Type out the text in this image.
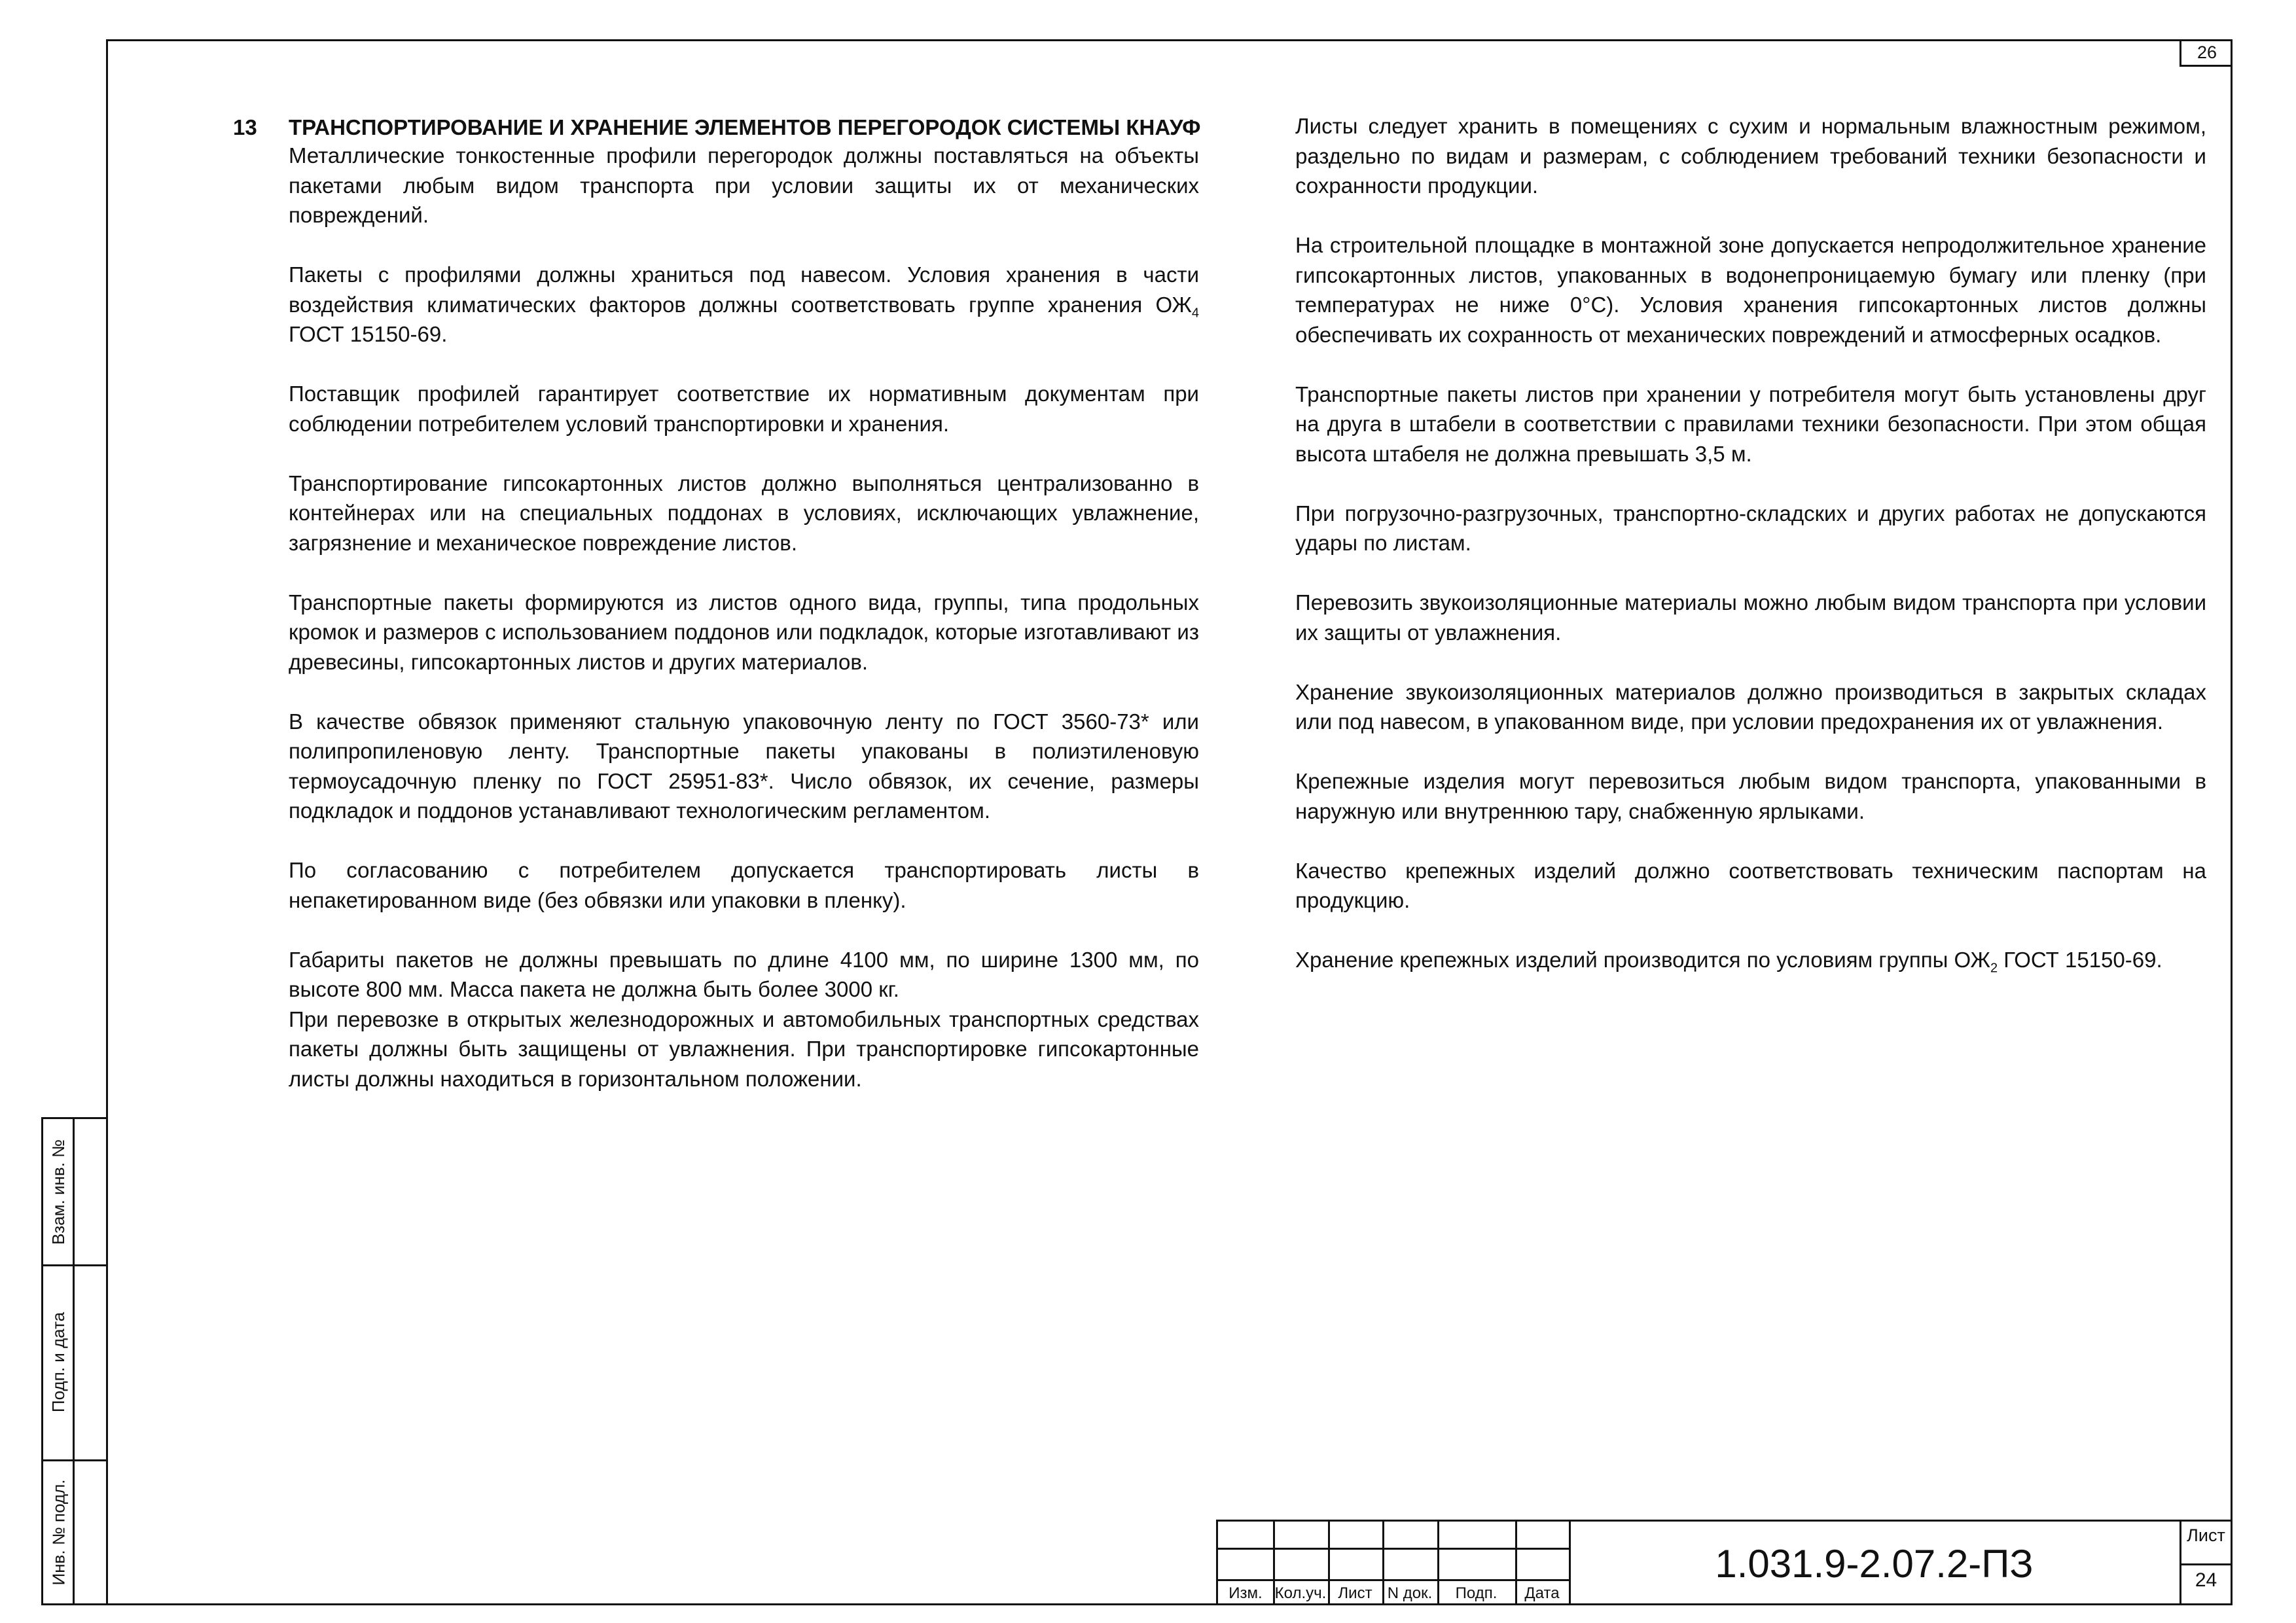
26
13 ТРАНСПОРТИРОВАНИЕ И ХРАНЕНИЕ ЭЛЕМЕНТОВ ПЕРЕГОРОДОК СИСТЕМЫ КНАУФ

Металлические тонкостенные профили перегородок должны поставляться на объекты пакетами любым видом транспорта при условии защиты их от механических повреждений.

Пакеты с профилями должны храниться под навесом. Условия хранения в части воздействия климатических факторов должны соответствовать группе хранения $ОЖ_4$ ГОСТ 15150-69.

Поставщик профилей гарантирует соответствие их нормативным документам при соблюдении потребителем условий транспортировки и хранения.

Транспортирование гипсокартонных листов должно выполняться централизованно в контейнерах или на специальных поддонах в условиях, исключающих увлажнение, загрязнение и механическое повреждение листов.

Транспортные пакеты формируются из листов одного вида, группы, типа продольных кромок и размеров с использованием поддонов или подкладок, которые изготавливают из древесины, гипсокартонных листов и других материалов.

В качестве обвязок применяют стальную упаковочную ленту по ГОСТ 3560-73* или полипропиленовую ленту. Транспортные пакеты упакованы в полиэтиленовую термоусадочную пленку по ГОСТ 25951-83*. Число обвязок, их сечение, размеры подкладок и поддонов устанавливают технологическим регламентом.

По согласованию с потребителем допускается транспортировать листы в непакетированном виде (без обвязки или упаковки в пленку).

Габариты пакетов не должны превышать по длине 4100 мм, по ширине 1300 мм, по высоте 800 мм. Масса пакета не должна быть более 3000 кг.

При перевозке в открытых железнодорожных и автомобильных транспортных средствах пакеты должны быть защищены от увлажнения. При транспортировке гипсокартонные листы должны находиться в горизонтальном положении.

Листы следует хранить в помещениях с сухим и нормальным влажностным режимом, раздельно по видам и размерам, с соблюдением требований техники безопасности и сохранности продукции.

На строительной площадке в монтажной зоне допускается непродолжительное хранение гипсокартонных листов, упакованных в водонепроницаемую бумагу или пленку (при температурах не ниже 0°С). Условия хранения гипсокартонных листов должны обеспечивать их сохранность от механических повреждений и атмосферных осадков.

Транспортные пакеты листов при хранении у потребителя могут быть установлены друг на друга в штабели в соответствии с правилами техники безопасности. При этом общая высота штабеля не должна превышать 3,5 м.

При погрузочно-разгрузочных, транспортно-складских и других работах не допускаются удары по листам.

Перевозить звукоизоляционные материалы можно любым видом транспорта при условии их защиты от увлажнения.

Хранение звукоизоляционных материалов должно производиться в закрытых складах или под навесом, в упакованном виде, при условии предохранения их от увлажнения.

Крепежные изделия могут перевозиться любым видом транспорта, упакованными в наружную или внутреннюю тару, снабженную ярлыками.

Качество крепежных изделий должно соответствовать техническим паспортам на продукцию.

Хранение крепежных изделий производится по условиям группы $ОЖ_2$ ГОСТ 15150-69.

Взам. инв. №
Подп. и дата
Инв. № подл.
Изм. Кол.уч. Лист N док.	Подп.	Дата
1.031.9-2.07.2-ПЗ
Лист
24
